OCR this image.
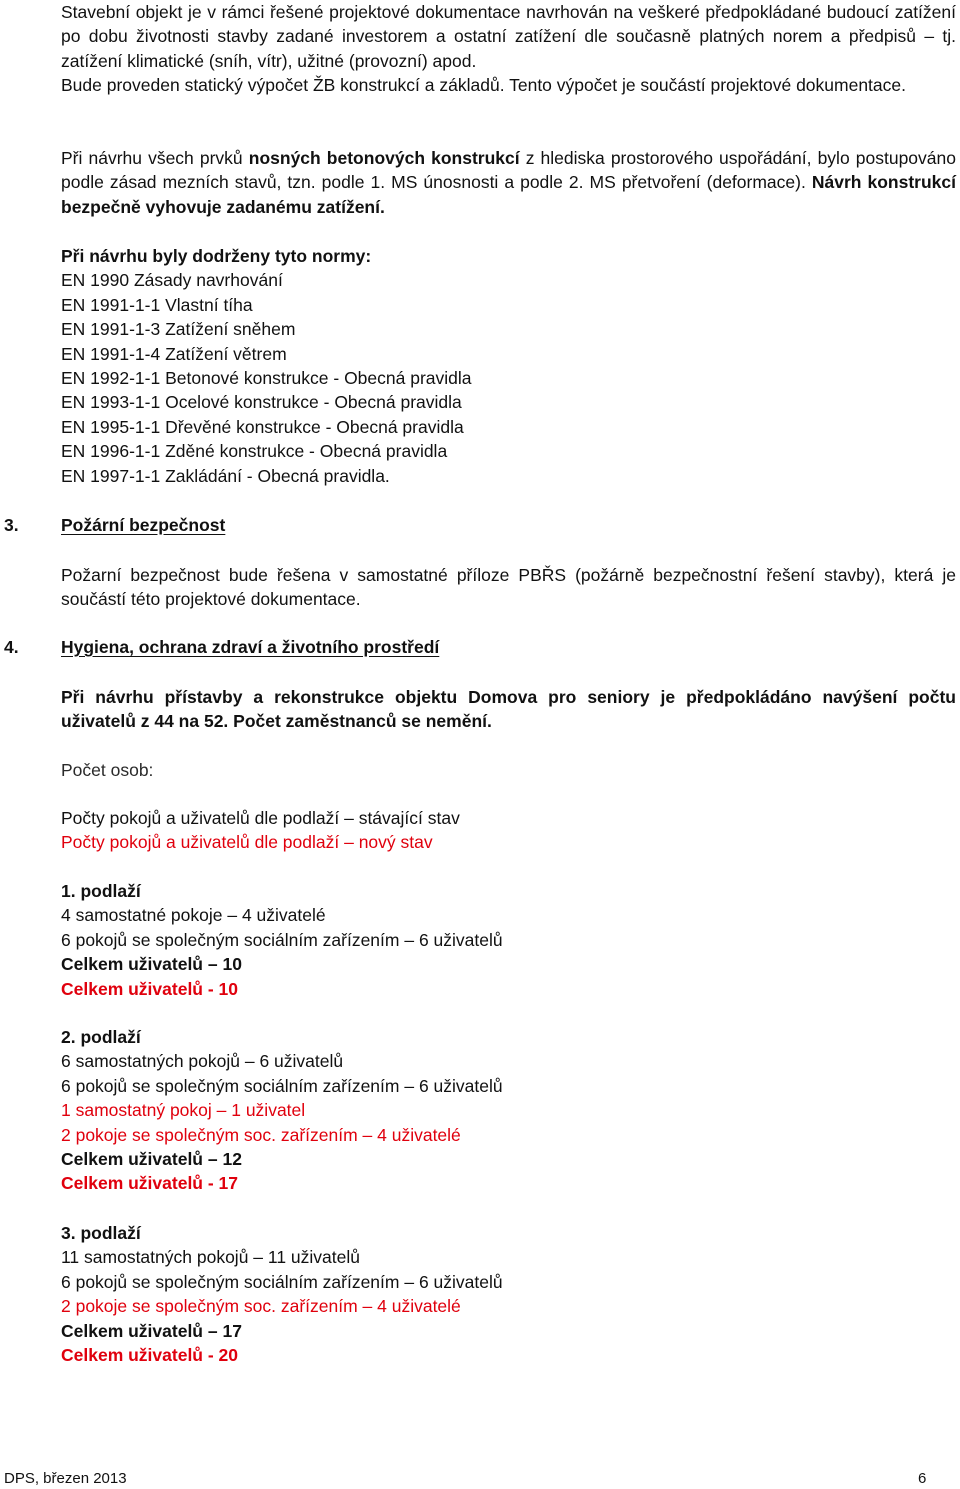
Stavební objekt je v rámci řešené projektové dokumentace navrhován na veškeré předpokládané budoucí zatížení po dobu životnosti stavby zadané investorem a ostatní zatížení dle současně platných norem a předpisů – tj. zatížení klimatické (sníh, vítr), užitné (provozní) apod.
Bude proveden statický výpočet ŽB konstrukcí a základů. Tento výpočet je součástí projektové dokumentace.
Při návrhu všech prvků nosných betonových konstrukcí z hlediska prostorového uspořádání, bylo postupováno podle zásad mezních stavů, tzn. podle 1. MS únosnosti a podle 2. MS přetvoření (deformace). Návrh konstrukcí bezpečně vyhovuje zadanému zatížení.
Při návrhu byly dodrženy tyto normy:
EN 1990 Zásady navrhování
EN 1991-1-1 Vlastní tíha
EN 1991-1-3 Zatížení sněhem
EN 1991-1-4 Zatížení větrem
EN 1992-1-1 Betonové konstrukce - Obecná pravidla
EN 1993-1-1 Ocelové konstrukce - Obecná pravidla
EN 1995-1-1 Dřevěné konstrukce - Obecná pravidla
EN 1996-1-1 Zděné konstrukce - Obecná pravidla
EN 1997-1-1 Zakládání - Obecná pravidla.
3. Požární bezpečnost
Požarní bezpečnost bude řešena v samostatné příloze PBŘS (požárně bezpečnostní řešení stavby), která je součástí této projektové dokumentace.
4. Hygiena, ochrana zdraví a životního prostředí
Při návrhu přístavby a rekonstrukce objektu Domova pro seniory je předpokládáno navýšení počtu uživatelů z 44 na 52. Počet zaměstnanců se nemění.
Počet osob:
Počty pokojů a uživatelů dle podlaží – stávající stav
Počty pokojů a uživatelů dle podlaží – nový stav
1. podlaží
4 samostatné pokoje – 4 uživatelé
6 pokojů se společným sociálním zařízením – 6 uživatelů
Celkem uživatelů – 10
Celkem uživatelů - 10
2. podlaží
6 samostatných pokojů – 6 uživatelů
6 pokojů se společným sociálním zařízením – 6 uživatelů
1 samostatný pokoj – 1 uživatel
2 pokoje se společným soc. zařízením – 4 uživatelé
Celkem uživatelů – 12
Celkem uživatelů - 17
3. podlaží
11 samostatných pokojů – 11 uživatelů
6 pokojů se společným sociálním zařízením – 6 uživatelů
2 pokoje se společným soc. zařízením – 4 uživatelé
Celkem uživatelů – 17
Celkem uživatelů - 20
DPS, březen 2013	6
